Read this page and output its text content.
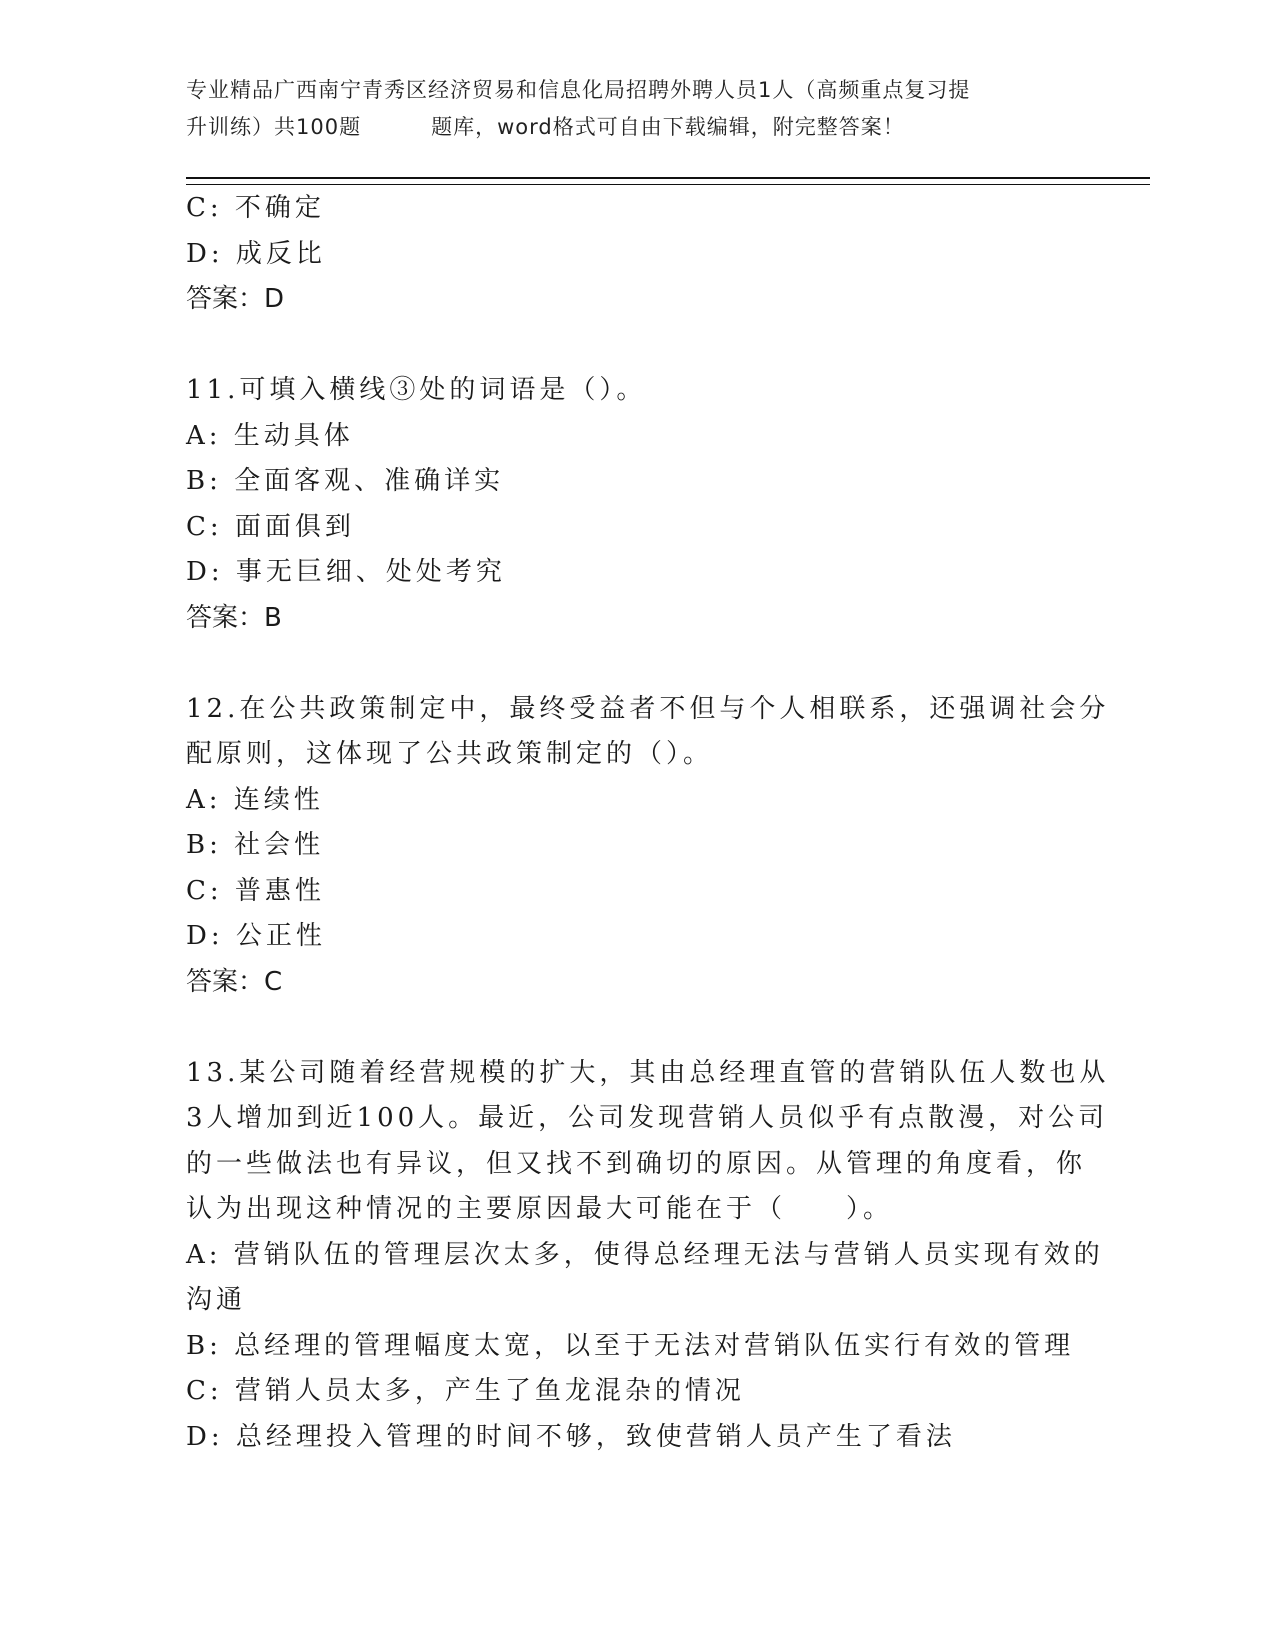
专业精品广西南宁青秀区经济贸易和信息化局招聘外聘人员1人（高频重点复习提
升训练）共100题	题库，word格式可自由下载编辑，附完整答案！
C: 不确定
D: 成反比
答案：D
11.可填入横线③处的词语是（）。
A: 生动具体
B: 全面客观、准确详实
C: 面面俱到
D: 事无巨细、处处考究
答案：B
12.在公共政策制定中，最终受益者不但与个人相联系，还强调社会分
配原则，这体现了公共政策制定的（）。
A: 连续性
B: 社会性
C: 普惠性
D: 公正性
答案：C
13.某公司随着经营规模的扩大，其由总经理直管的营销队伍人数也从
3人增加到近100人。最近，公司发现营销人员似乎有点散漫，对公司
的一些做法也有异议，但又找不到确切的原因。从管理的角度看，你
认为出现这种情况的主要原因最大可能在于（　　）。
A: 营销队伍的管理层次太多，使得总经理无法与营销人员实现有效的
沟通
B: 总经理的管理幅度太宽，以至于无法对营销队伍实行有效的管理
C: 营销人员太多，产生了鱼龙混杂的情况
D: 总经理投入管理的时间不够，致使营销人员产生了看法
